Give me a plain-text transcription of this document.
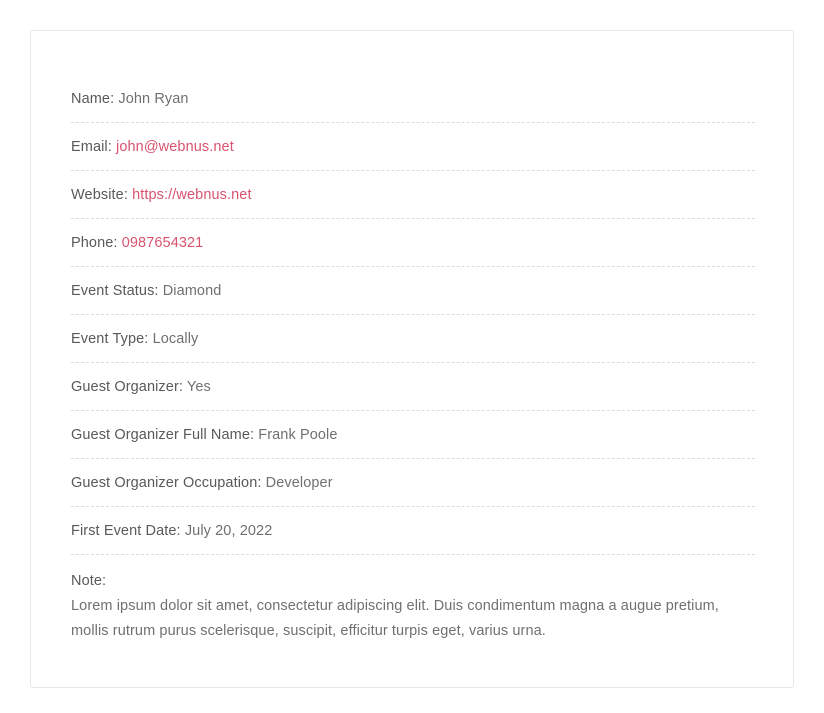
Name: John Ryan
Email: john@webnus.net
Website: https://webnus.net
Phone: 0987654321
Event Status: Diamond
Event Type: Locally
Guest Organizer: Yes
Guest Organizer Full Name: Frank Poole
Guest Organizer Occupation: Developer
First Event Date: July 20, 2022
Note:
Lorem ipsum dolor sit amet, consectetur adipiscing elit. Duis condimentum magna a augue pretium, mollis rutrum purus scelerisque, suscipit, efficitur turpis eget, varius urna.
